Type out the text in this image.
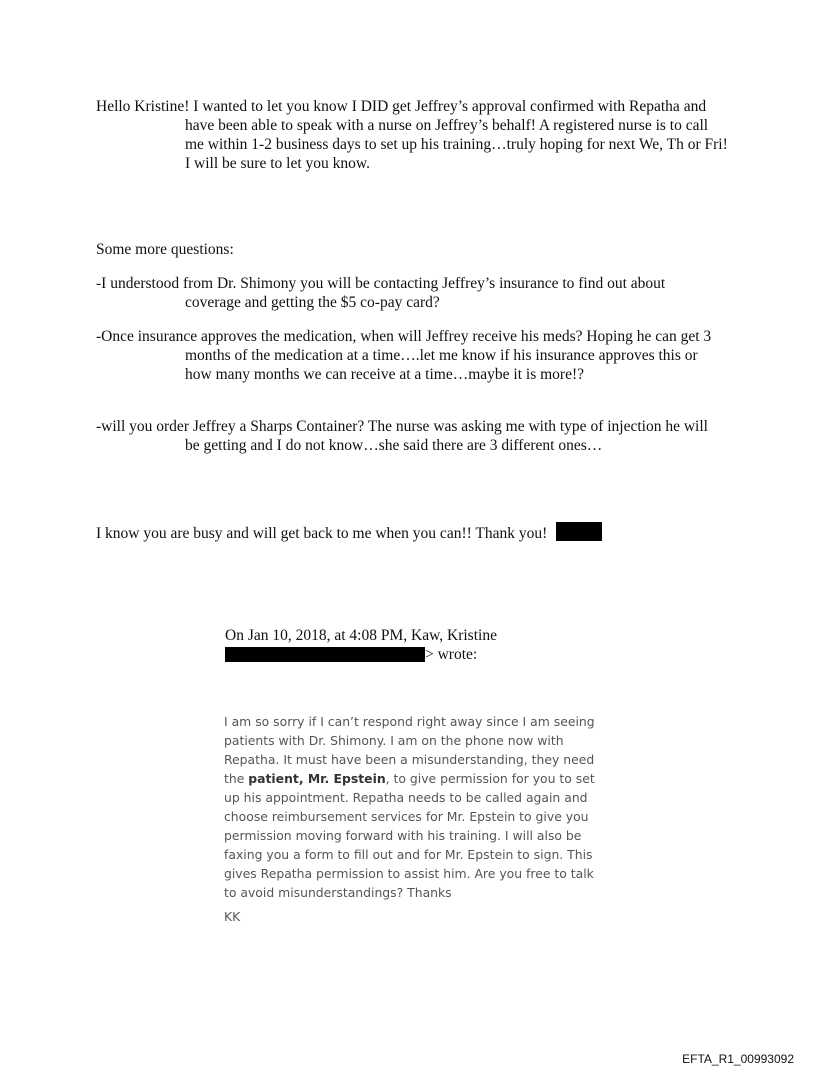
Hello Kristine! I wanted to let you know I DID get Jeffrey’s approval confirmed with Repatha and have been able to speak with a nurse on Jeffrey’s behalf! A registered nurse is to call me within 1-2 business days to set up his training…truly hoping for next We, Th or Fri! I will be sure to let you know.

Some more questions:

-I understood from Dr. Shimony you will be contacting Jeffrey’s insurance to find out about coverage and getting the $5 co-pay card?

-Once insurance approves the medication, when will Jeffrey receive his meds? Hoping he can get 3 months of the medication at a time….let me know if his insurance approves this or how many months we can receive at a time…maybe it is more!?

-will you order Jeffrey a Sharps Container? The nurse was asking me with type of injection he will be getting and I do not know…she said there are 3 different ones…

I know you are busy and will get back to me when you can!! Thank you!

On Jan 10, 2018, at 4:08 PM, Kaw, Kristine
> wrote:

I am so sorry if I can’t respond right away since I am seeing patients with Dr. Shimony. I am on the phone now with Repatha. It must have been a misunderstanding, they need the patient, Mr. Epstein, to give permission for you to set up his appointment. Repatha needs to be called again and choose reimbursement services for Mr. Epstein to give you permission moving forward with his training. I will also be faxing you a form to fill out and for Mr. Epstein to sign. This gives Repatha permission to assist him. Are you free to talk to avoid misunderstandings? Thanks

KK

EFTA_R1_00993092
